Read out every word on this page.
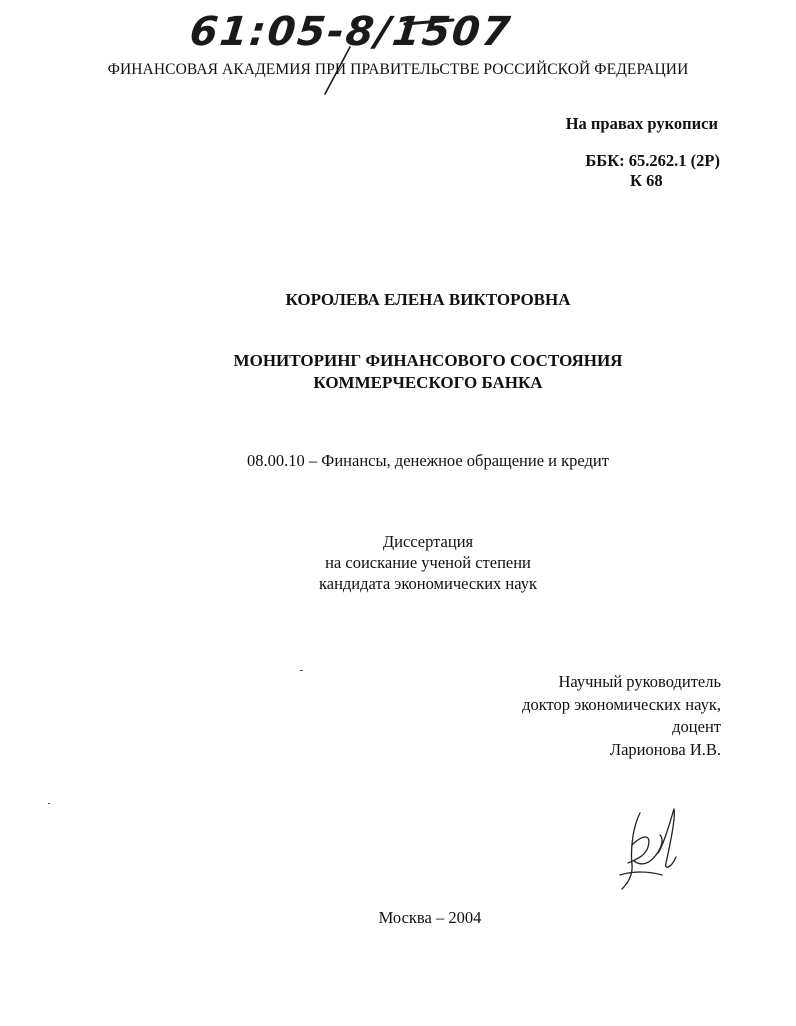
61:05-8/1507
ФИНАНСОВАЯ АКАДЕМИЯ ПРИ ПРАВИТЕЛЬСТВЕ РОССИЙСКОЙ ФЕДЕРАЦИИ
На правах рукописи
ББК: 65.262.1 (2Р)
К 68
КОРОЛЕВА ЕЛЕНА ВИКТОРОВНА
МОНИТОРИНГ ФИНАНСОВОГО СОСТОЯНИЯ
КОММЕРЧЕСКОГО БАНКА
08.00.10 – Финансы, денежное обращение и кредит
Диссертация
на соискание ученой степени
кандидата экономических наук
Научный руководитель
доктор экономических наук,
доцент
Ларионова И.В.
Москва – 2004
